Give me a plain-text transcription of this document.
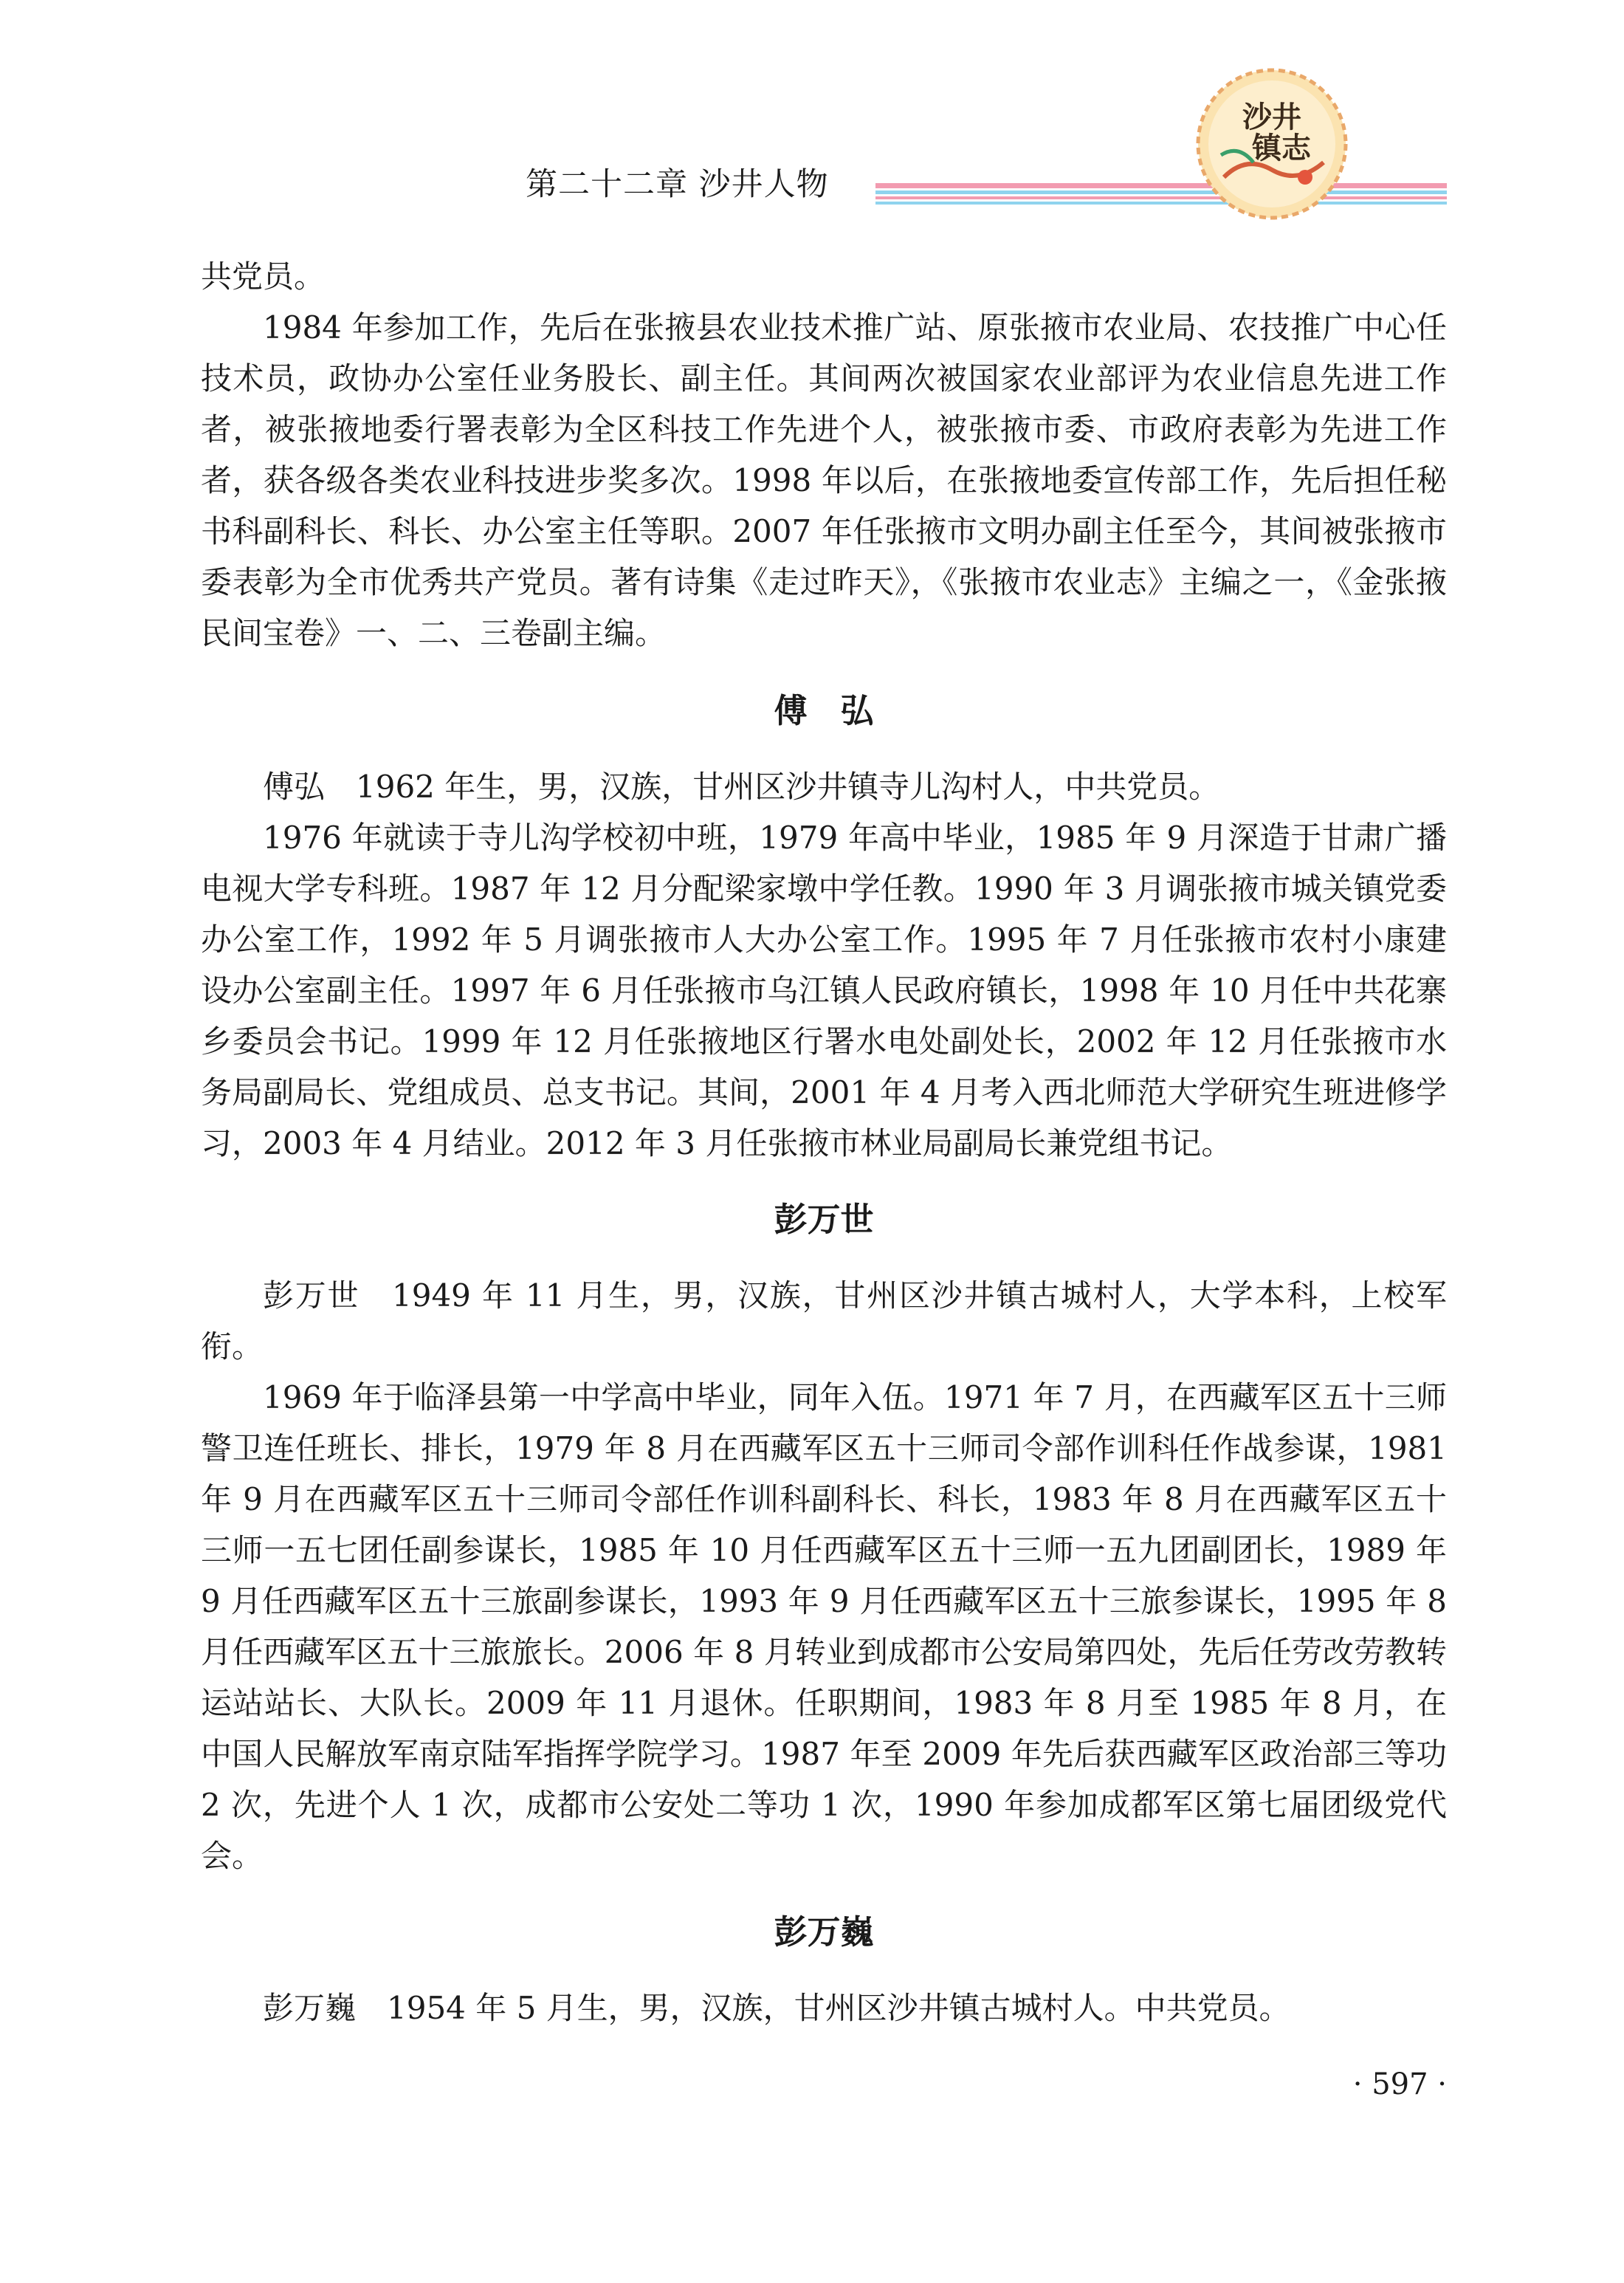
第二十二章 沙井人物
沙井
镇志

共党员。

1984 年参加工作，先后在张掖县农业技术推广站、原张掖市农业局、农技推广中心任技术员，政协办公室任业务股长、副主任。其间两次被国家农业部评为农业信息先进工作者，被张掖地委行署表彰为全区科技工作先进个人，被张掖市委、市政府表彰为先进工作者，获各级各类农业科技进步奖多次。1998 年以后，在张掖地委宣传部工作，先后担任秘书科副科长、科长、办公室主任等职。2007 年任张掖市文明办副主任至今，其间被张掖市委表彰为全市优秀共产党员。著有诗集《走过昨天》，《张掖市农业志》主编之一，《金张掖民间宝卷》一、二、三卷副主编。

傅　弘

傅弘　1962 年生，男，汉族，甘州区沙井镇寺儿沟村人，中共党员。

1976 年就读于寺儿沟学校初中班，1979 年高中毕业，1985 年 9 月深造于甘肃广播电视大学专科班。1987 年 12 月分配梁家墩中学任教。1990 年 3 月调张掖市城关镇党委办公室工作，1992 年 5 月调张掖市人大办公室工作。1995 年 7 月任张掖市农村小康建设办公室副主任。1997 年 6 月任张掖市乌江镇人民政府镇长，1998 年 10 月任中共花寨乡委员会书记。1999 年 12 月任张掖地区行署水电处副处长，2002 年 12 月任张掖市水务局副局长、党组成员、总支书记。其间，2001 年 4 月考入西北师范大学研究生班进修学习，2003 年 4 月结业。2012 年 3 月任张掖市林业局副局长兼党组书记。

彭万世

彭万世　1949 年 11 月生，男，汉族，甘州区沙井镇古城村人，大学本科，上校军衔。

1969 年于临泽县第一中学高中毕业，同年入伍。1971 年 7 月，在西藏军区五十三师警卫连任班长、排长，1979 年 8 月在西藏军区五十三师司令部作训科任作战参谋，1981 年 9 月在西藏军区五十三师司令部任作训科副科长、科长，1983 年 8 月在西藏军区五十三师一五七团任副参谋长，1985 年 10 月任西藏军区五十三师一五九团副团长，1989 年 9 月任西藏军区五十三旅副参谋长，1993 年 9 月任西藏军区五十三旅参谋长，1995 年 8 月任西藏军区五十三旅旅长。2006 年 8 月转业到成都市公安局第四处，先后任劳改劳教转运站站长、大队长。2009 年 11 月退休。任职期间，1983 年 8 月至 1985 年 8 月，在中国人民解放军南京陆军指挥学院学习。1987 年至 2009 年先后获西藏军区政治部三等功 2 次，先进个人 1 次，成都市公安处二等功 1 次，1990 年参加成都军区第七届团级党代会。

彭万巍

彭万巍　1954 年 5 月生，男，汉族，甘州区沙井镇古城村人。中共党员。

· 597 ·
